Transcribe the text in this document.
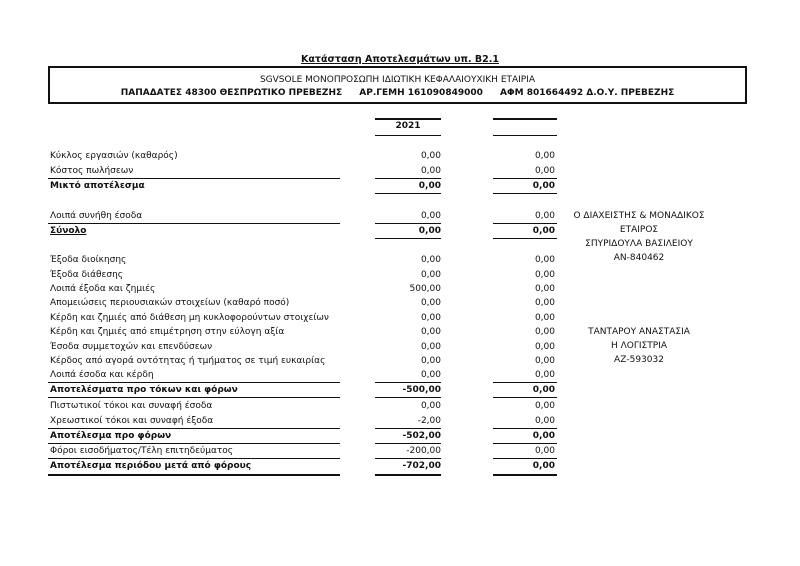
Κατάσταση Αποτελεσμάτων υπ. Β2.1
SGVSOLE ΜΟΝΟΠΡΟΣΩΠΗ ΙΔΙΩΤΙΚΗ ΚΕΦΑΛΑΙΟΥΧΙΚΗ ΕΤΑΙΡΙΑ
ΠΑΠΑΔΑΤΕΣ 48300 ΘΕΣΠΡΩΤΙΚΟ ΠΡΕΒΕΖΗΣ ΑΡ.ΓΕΜΗ 161090849000 ΑΦΜ 801664492 Δ.Ο.Υ. ΠΡΕΒΕΖΗΣ
2021
Κύκλος εργασιών (καθαρός)	0,00	0,00
Κόστος πωλήσεων	0,00	0,00
Μικτό αποτέλεσμα	0,00	0,00
Λοιπά συνήθη έσοδα	0,00	0,00
Σύνολο	0,00	0,00
Έξοδα διοίκησης	0,00	0,00
Έξοδα διάθεσης	0,00	0,00
Λοιπά έξοδα και ζημιές	500,00	0,00
Απομειώσεις περιουσιακών στοιχείων (καθαρό ποσό)	0,00	0,00
Κέρδη και ζημιές από διάθεση μη κυκλοφορούντων στοιχείων	0,00	0,00
Κέρδη και ζημιές από επιμέτρηση στην εύλογη αξία	0,00	0,00
Έσοδα συμμετοχών και επενδύσεων	0,00	0,00
Κέρδος από αγορά οντότητας ή τμήματος σε τιμή ευκαιρίας	0,00	0,00
Λοιπά έσοδα και κέρδη	0,00	0,00
Αποτελέσματα προ τόκων και φόρων	-500,00	0,00
Πιστωτικοί τόκοι και συναφή έσοδα	0,00	0,00
Χρεωστικοί τόκοι και συναφή έξοδα	-2,00	0,00
Αποτέλεσμα προ φόρων	-502,00	0,00
Φόροι εισοδήματος/Τέλη επιτηδεύματος	-200,00	0,00
Αποτέλεσμα περιόδου μετά από φόρους	-702,00	0,00
Ο ΔΙΑΧΕΙΣΤΗΣ & ΜΟΝΑΔΙΚΟΣ
ΕΤΑΙΡΟΣ
ΣΠΥΡΙΔΟΥΛΑ ΒΑΣΙΛΕΙΟΥ
ΑΝ-840462
ΤΑΝΤΑΡΟΥ ΑΝΑΣΤΑΣΙΑ
Η ΛΟΓΙΣΤΡΙΑ
ΑΖ-593032
